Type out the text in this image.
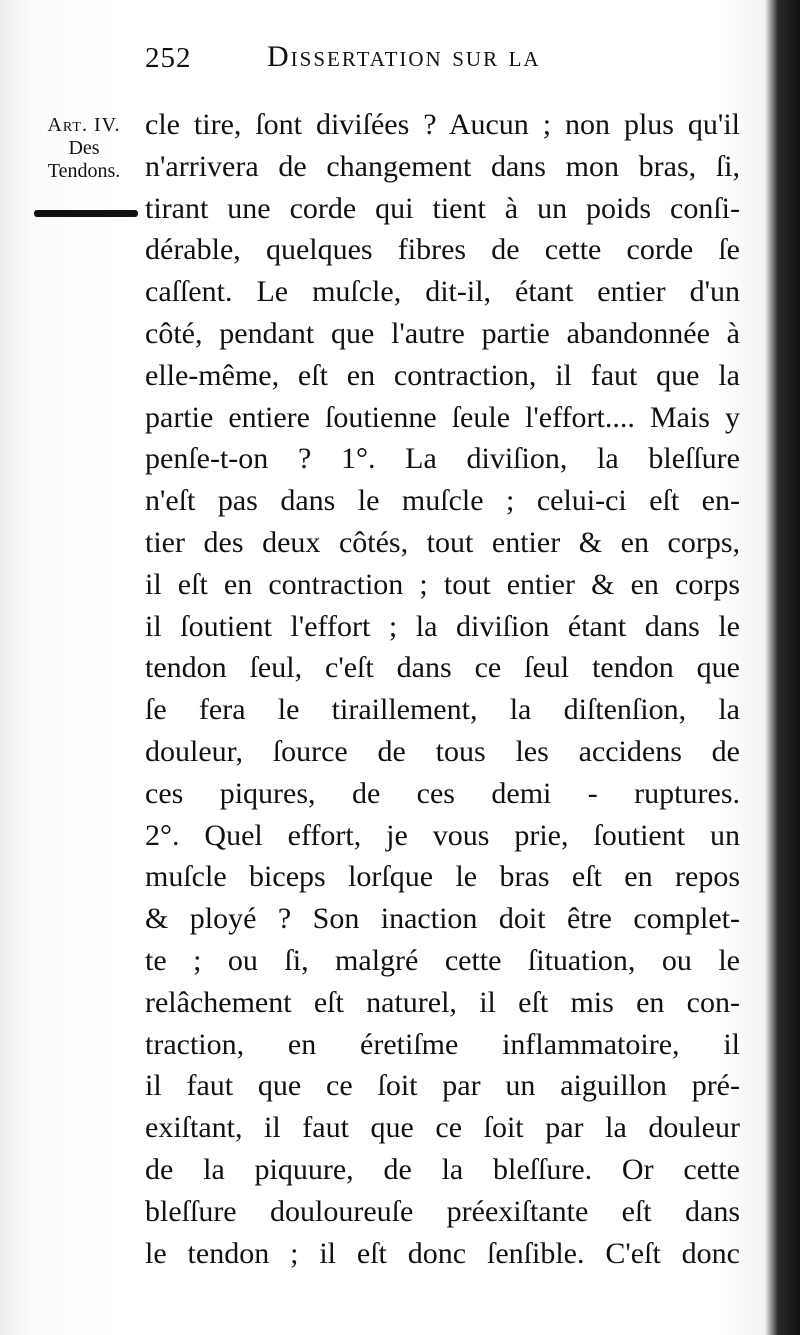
252	Dissertation sur la
Art. IV.
Des
Tendons.
cle tire, ſont diviſées ? Aucun ; non plus qu'il
n'arrivera de changement dans mon bras, ſi,
tirant une corde qui tient à un poids conſi-
dérable, quelques fibres de cette corde ſe
caſſent. Le muſcle, dit-il, étant entier d'un
côté, pendant que l'autre partie abandonnée à
elle-même, eſt en contraction, il faut que la
partie entiere ſoutienne ſeule l'effort.... Mais y
penſe-t-on ? 1°. La diviſion, la bleſſure
n'eſt pas dans le muſcle ; celui-ci eſt en-
tier des deux côtés, tout entier & en corps,
il eſt en contraction ; tout entier & en corps
il ſoutient l'effort ; la diviſion étant dans le
tendon ſeul, c'eſt dans ce ſeul tendon que
ſe fera le tiraillement, la diſtenſion, la
douleur, ſource de tous les accidens de
ces piqures, de ces demi - ruptures.
2°. Quel effort, je vous prie, ſoutient un
muſcle biceps lorſque le bras eſt en repos
& ployé ? Son inaction doit être complet-
te ; ou ſi, malgré cette ſituation, ou le
relâchement eſt naturel, il eſt mis en con-
traction, en éretiſme inflammatoire, il
il faut que ce ſoit par un aiguillon pré-
exiſtant, il faut que ce ſoit par la douleur
de la piquure, de la bleſſure. Or cette
bleſſure douloureuſe préexiſtante eſt dans
le tendon ; il eſt donc ſenſible. C'eſt donc
